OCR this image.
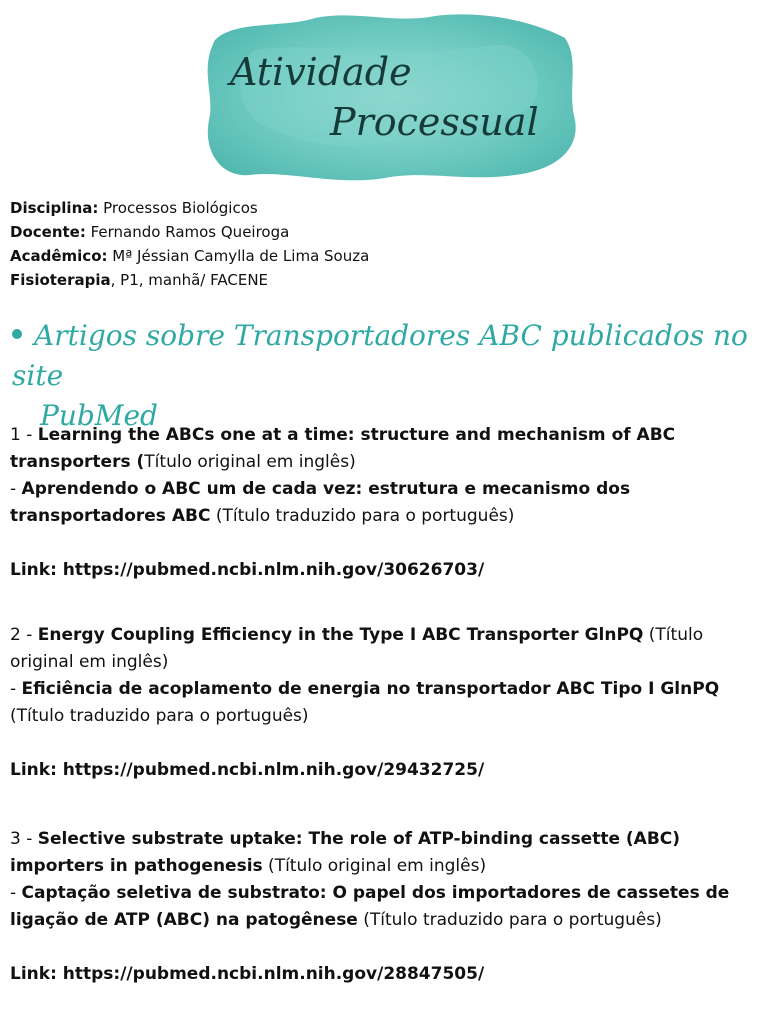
Atividade
Processual
Disciplina: Processos Biológicos
Docente: Fernando Ramos Queiroga
Acadêmico: Mª Jéssian Camylla de Lima Souza
Fisioterapia, P1, manhã/ FACENE
Artigos sobre Transportadores ABC publicados no site
PubMed
1 - Learning the ABCs one at a time: structure and mechanism of ABC transporters (Título original em inglês)
- Aprendendo o ABC um de cada vez: estrutura e mecanismo dos transportadores ABC (Título traduzido para o português)
Link: https://pubmed.ncbi.nlm.nih.gov/30626703/
2 - Energy Coupling Efficiency in the Type I ABC Transporter GlnPQ (Título original em inglês)
- Eficiência de acoplamento de energia no transportador ABC Tipo I GlnPQ (Título traduzido para o português)
Link: https://pubmed.ncbi.nlm.nih.gov/29432725/
3 - Selective substrate uptake: The role of ATP-binding cassette (ABC) importers in pathogenesis (Título original em inglês)
- Captação seletiva de substrato: O papel dos importadores de cassetes de ligação de ATP (ABC) na patogênese (Título traduzido para o português)
Link: https://pubmed.ncbi.nlm.nih.gov/28847505/
